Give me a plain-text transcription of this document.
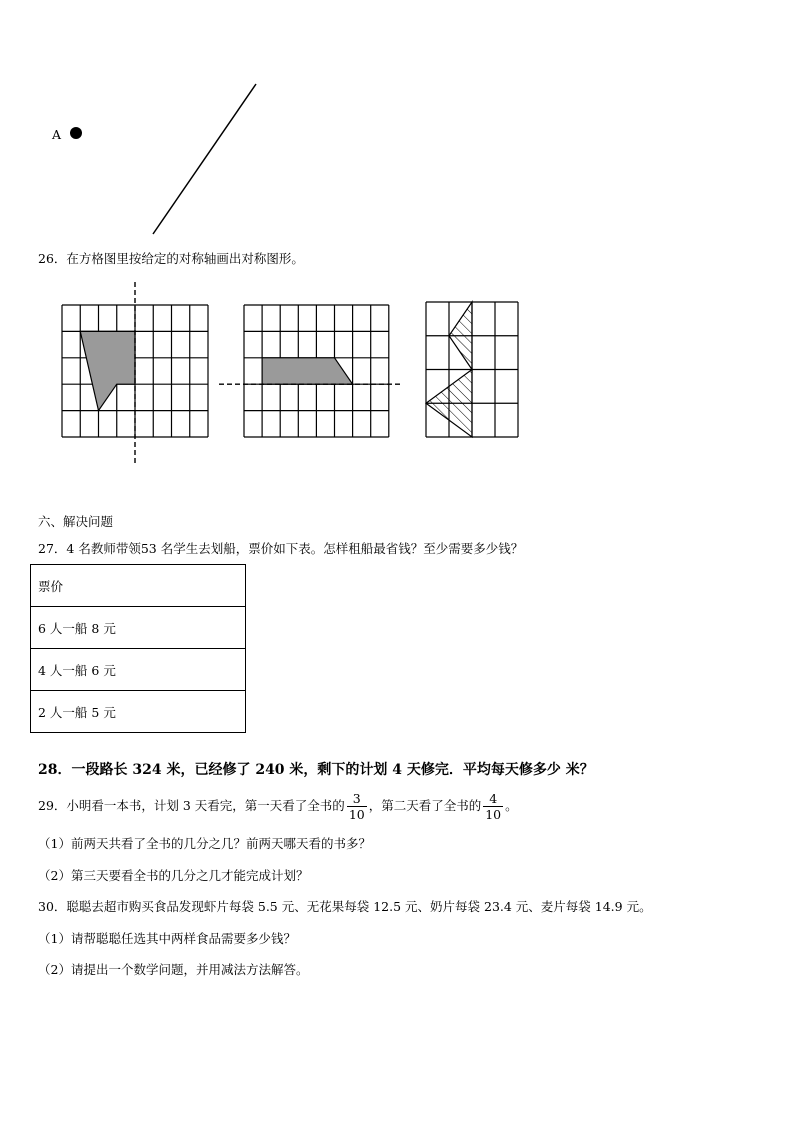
A
26．在方格图里按给定的对称轴画出对称图形。
六、解决问题
27．4 名教师带领53 名学生去划船，票价如下表。怎样租船最省钱？至少需要多少钱？
票价
6 人一船 8 元
4 人一船 6 元
2 人一船 5 元
28．一段路长 324 米，已经修了 240 米，剩下的计划 4 天修完．平均每天修多少 米？
29．小明看一本书，计划 3 天看完，第一天看了全书的 $\frac{3}{10}$ ，第二天看了全书的 $\frac{4}{10}$ 。
（1）前两天共看了全书的几分之几？前两天哪天看的书多？
（2）第三天要看全书的几分之几才能完成计划？
30．聪聪去超市购买食品发现虾片每袋 5.5 元、无花果每袋 12.5 元、奶片每袋 23.4 元、麦片每袋 14.9 元。
（1）请帮聪聪任选其中两样食品需要多少钱？
（2）请提出一个数学问题，并用减法方法解答。
